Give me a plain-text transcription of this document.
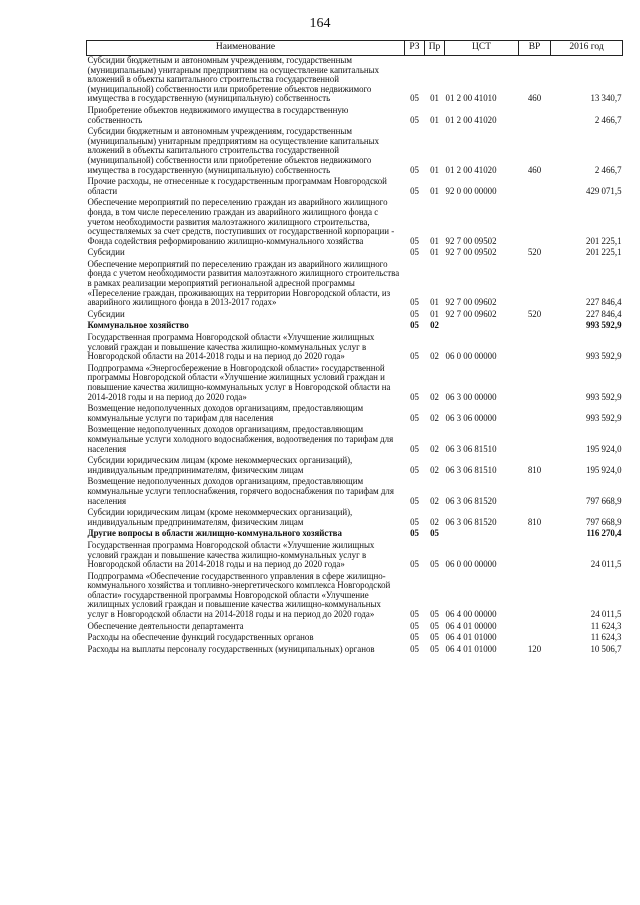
164
Наименование	РЗ	Пр	ЦСТ	ВР	2016 год
Субсидии бюджетным и автономным учреждениям, государственным (муниципальным) унитарным предприятиям на осуществление капитальных вложений в объекты капитального строительства государственной (муниципальной) собственности или приобретение объектов недвижимого имущества в государственную (муниципальную) собственность	05	01	01 2 00 41010	460	13 340,7
Приобретение объектов недвижимого имущества в государственную собственность	05	01	01 2 00 41020		2 466,7
Субсидии бюджетным и автономным учреждениям, государственным (муниципальным) унитарным предприятиям на осуществление капитальных вложений в объекты капитального строительства государственной (муниципальной) собственности или приобретение объектов недвижимого имущества в государственную (муниципальную) собственность	05	01	01 2 00 41020	460	2 466,7
Прочие расходы, не отнесенные к государственным программам Новгородской области	05	01	92 0 00 00000		429 071,5
Обеспечение мероприятий по переселению граждан из аварийного жилищного фонда, в том числе переселению граждан из аварийного жилищного фонда с учетом необходимости развития малоэтажного жилищного строительства, осуществляемых за счет средств, поступивших от государственной корпорации - Фонда содействия реформированию жилищно-коммунального хозяйства	05	01	92 7 00 09502		201 225,1
Субсидии	05	01	92 7 00 09502	520	201 225,1
Обеспечение мероприятий по переселению граждан из аварийного жилищного фонда с учетом необходимости развития малоэтажного жилищного строительства в рамках реализации мероприятий региональной адресной программы «Переселение граждан, проживающих на территории Новгородской области, из аварийного жилищного фонда в 2013-2017 годах»	05	01	92 7 00 09602		227 846,4
Субсидии	05	01	92 7 00 09602	520	227 846,4
Коммунальное хозяйство	05	02			993 592,9
Государственная программа Новгородской области «Улучшение жилищных условий граждан и повышение качества жилищно-коммунальных услуг в Новгородской области на 2014-2018 годы и на период до 2020 года»	05	02	06 0 00 00000		993 592,9
Подпрограмма «Энергосбережение в Новгородской области» государственной программы Новгородской области «Улучшение жилищных условий граждан и повышение качества жилищно-коммунальных услуг в Новгородской области на 2014-2018 годы и на период до 2020 года»	05	02	06 3 00 00000		993 592,9
Возмещение недополученных доходов организациям, предоставляющим коммунальные услуги по тарифам для населения	05	02	06 3 06 00000		993 592,9
Возмещение недополученных доходов организациям, предоставляющим коммунальные услуги холодного водоснабжения, водоотведения по тарифам для населения	05	02	06 3 06 81510		195 924,0
Субсидии юридическим лицам (кроме некоммерческих организаций), индивидуальным предпринимателям, физическим лицам	05	02	06 3 06 81510	810	195 924,0
Возмещение недополученных доходов организациям, предоставляющим коммунальные услуги теплоснабжения, горячего водоснабжения по тарифам для населения	05	02	06 3 06 81520		797 668,9
Субсидии юридическим лицам (кроме некоммерческих организаций), индивидуальным предпринимателям, физическим лицам	05	02	06 3 06 81520	810	797 668,9
Другие вопросы в области жилищно-коммунального хозяйства	05	05			116 270,4
Государственная программа Новгородской области «Улучшение жилищных условий граждан и повышение качества жилищно-коммунальных услуг в Новгородской области на 2014-2018 годы и на период до 2020 года»	05	05	06 0 00 00000		24 011,5
Подпрограмма «Обеспечение государственного управления в сфере жилищно-коммунального хозяйства и топливно-энергетического комплекса Новгородской области» государственной программы Новгородской области «Улучшение жилищных условий граждан и повышение качества жилищно-коммунальных услуг в Новгородской области на 2014-2018 годы и на период до 2020 года»	05	05	06 4 00 00000		24 011,5
Обеспечение деятельности департамента	05	05	06 4 01 00000		11 624,3
Расходы на обеспечение функций государственных органов	05	05	06 4 01 01000		11 624,3
Расходы на выплаты персоналу государственных (муниципальных) органов	05	05	06 4 01 01000	120	10 506,7
